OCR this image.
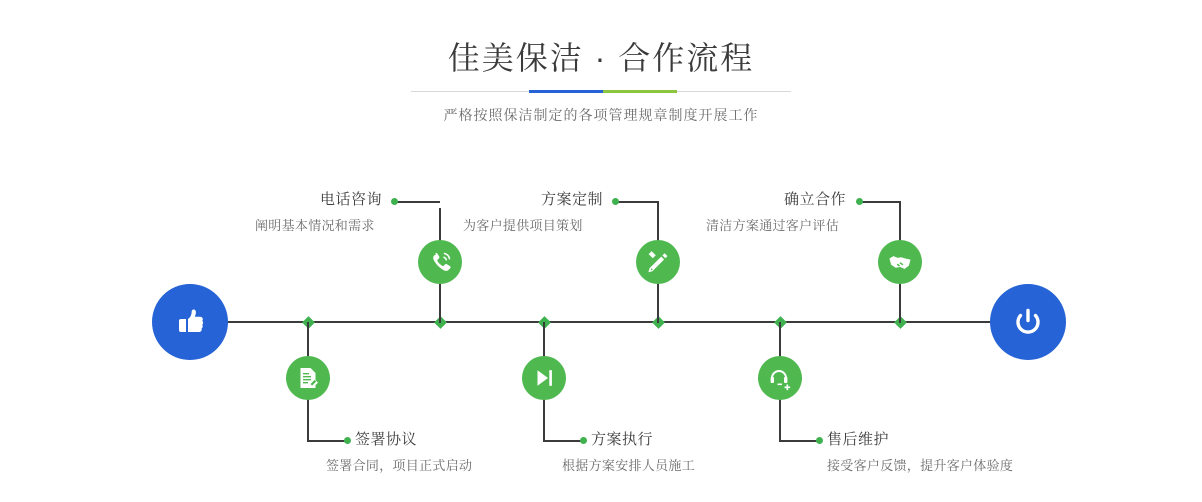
佳美保洁 · 合作流程
严格按照保洁制定的各项管理规章制度开展工作
电话咨询
阐明基本情况和需求
签署协议
签署合同，项目正式启动
方案定制
为客户提供项目策划
方案执行
根据方案安排人员施工
确立合作
清洁方案通过客户评估
售后维护
接受客户反馈，提升客户体验度
